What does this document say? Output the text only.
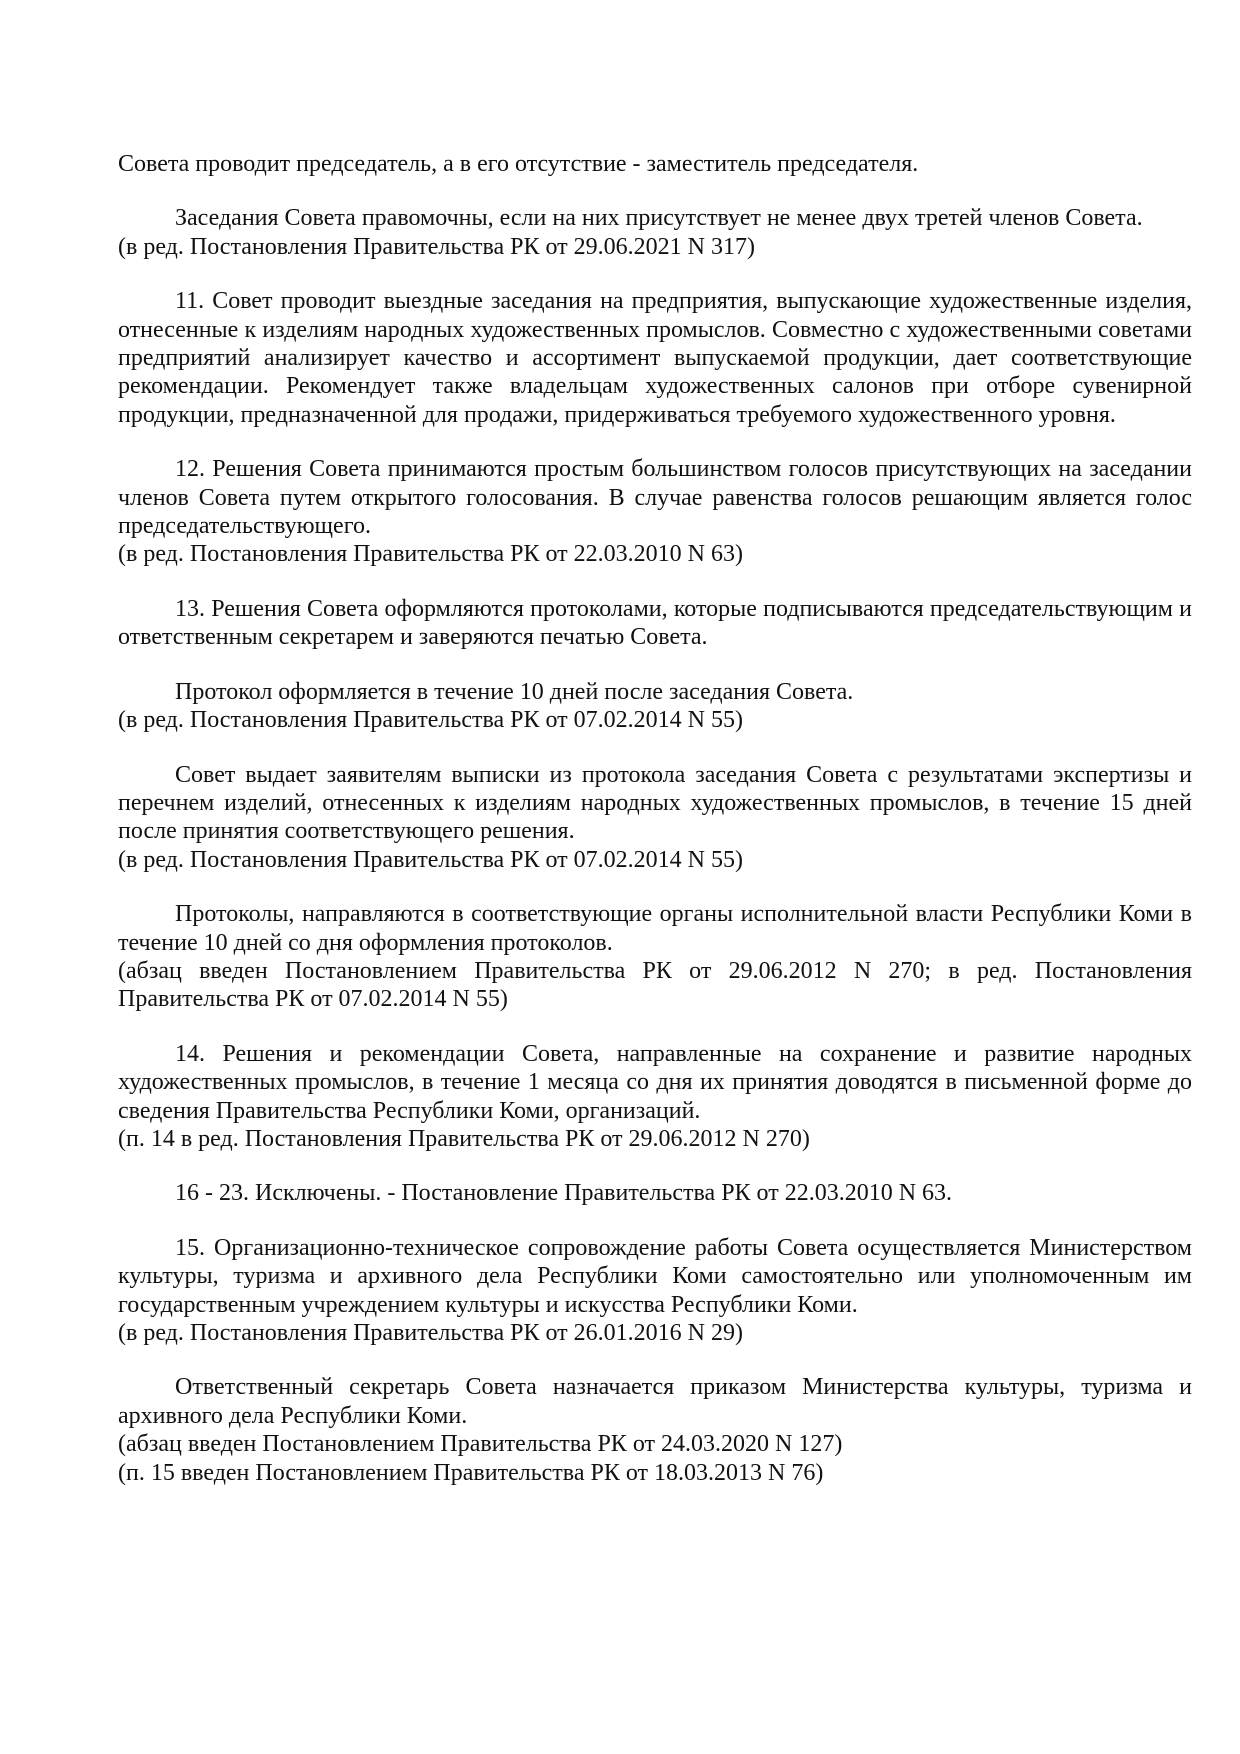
Совета проводит председатель, а в его отсутствие - заместитель председателя.

Заседания Совета правомочны, если на них присутствует не менее двух третей членов Совета.

(в ред. Постановления Правительства РК от 29.06.2021 N 317)

11. Совет проводит выездные заседания на предприятия, выпускающие художественные изделия, отнесенные к изделиям народных художественных промыслов. Совместно с художественными советами предприятий анализирует качество и ассортимент выпускаемой продукции, дает соответствующие рекомендации. Рекомендует также владельцам художественных салонов при отборе сувенирной продукции, предназначенной для продажи, придерживаться требуемого художественного уровня.

12. Решения Совета принимаются простым большинством голосов присутствующих на заседании членов Совета путем открытого голосования. В случае равенства голосов решающим является голос председательствующего.

(в ред. Постановления Правительства РК от 22.03.2010 N 63)

13. Решения Совета оформляются протоколами, которые подписываются председательствующим и ответственным секретарем и заверяются печатью Совета.

Протокол оформляется в течение 10 дней после заседания Совета.

(в ред. Постановления Правительства РК от 07.02.2014 N 55)

Совет выдает заявителям выписки из протокола заседания Совета с результатами экспертизы и перечнем изделий, отнесенных к изделиям народных художественных промыслов, в течение 15 дней после принятия соответствующего решения.

(в ред. Постановления Правительства РК от 07.02.2014 N 55)

Протоколы, направляются в соответствующие органы исполнительной власти Республики Коми в течение 10 дней со дня оформления протоколов.

(абзац введен Постановлением Правительства РК от 29.06.2012 N 270; в ред. Постановления Правительства РК от 07.02.2014 N 55)

14. Решения и рекомендации Совета, направленные на сохранение и развитие народных художественных промыслов, в течение 1 месяца со дня их принятия доводятся в письменной форме до сведения Правительства Республики Коми, организаций.

(п. 14 в ред. Постановления Правительства РК от 29.06.2012 N 270)

16 - 23. Исключены. - Постановление Правительства РК от 22.03.2010 N 63.

15. Организационно-техническое сопровождение работы Совета осуществляется Министерством культуры, туризма и архивного дела Республики Коми самостоятельно или уполномоченным им государственным учреждением культуры и искусства Республики Коми.

(в ред. Постановления Правительства РК от 26.01.2016 N 29)

Ответственный секретарь Совета назначается приказом Министерства культуры, туризма и архивного дела Республики Коми.

(абзац введен Постановлением Правительства РК от 24.03.2020 N 127)

(п. 15 введен Постановлением Правительства РК от 18.03.2013 N 76)
